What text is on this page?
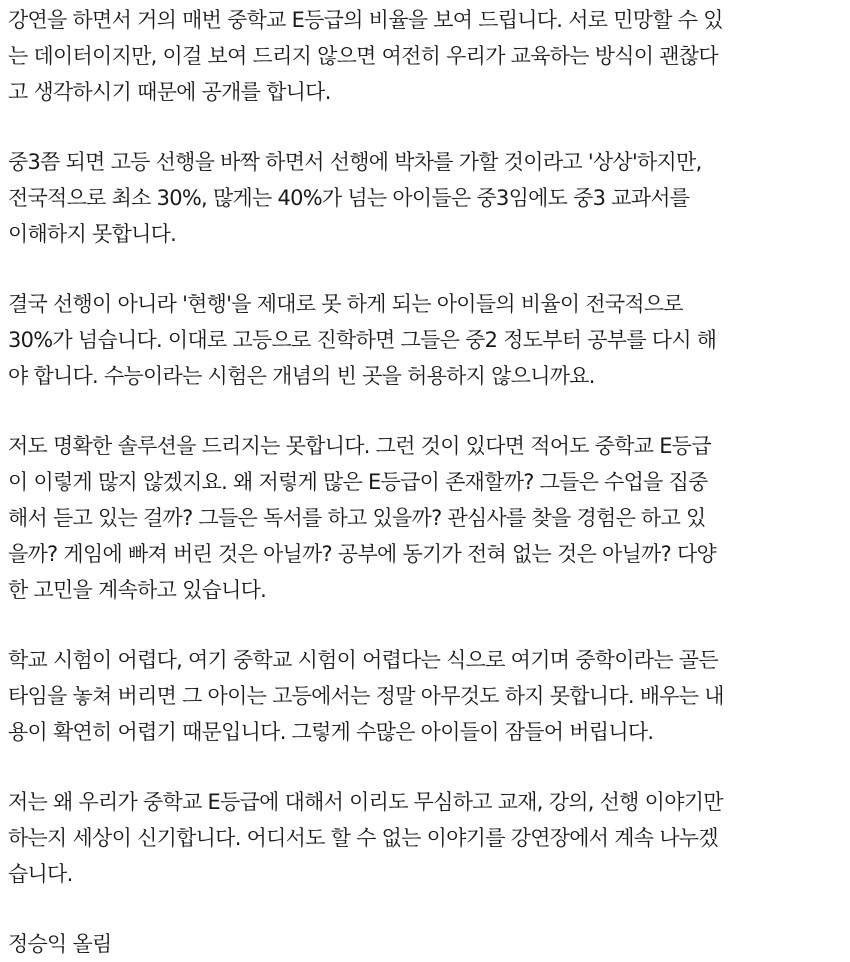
강연을 하면서 거의 매번 중학교 E등급의 비율을 보여 드립니다. 서로 민망할 수 있
는 데이터이지만, 이걸 보여 드리지 않으면 여전히 우리가 교육하는 방식이 괜찮다
고 생각하시기 때문에 공개를 합니다.
중3쯤 되면 고등 선행을 바짝 하면서 선행에 박차를 가할 것이라고 '상상'하지만,
전국적으로 최소 30%, 많게는 40%가 넘는 아이들은 중3임에도 중3 교과서를
이해하지 못합니다.
결국 선행이 아니라 '현행'을 제대로 못 하게 되는 아이들의 비율이 전국적으로
30%가 넘습니다. 이대로 고등으로 진학하면 그들은 중2 정도부터 공부를 다시 해
야 합니다. 수능이라는 시험은 개념의 빈 곳을 허용하지 않으니까요.
저도 명확한 솔루션을 드리지는 못합니다. 그런 것이 있다면 적어도 중학교 E등급
이 이렇게 많지 않겠지요. 왜 저렇게 많은 E등급이 존재할까? 그들은 수업을 집중
해서 듣고 있는 걸까? 그들은 독서를 하고 있을까? 관심사를 찾을 경험은 하고 있
을까? 게임에 빠져 버린 것은 아닐까? 공부에 동기가 전혀 없는 것은 아닐까? 다양
한 고민을 계속하고 있습니다.
학교 시험이 어렵다, 여기 중학교 시험이 어렵다는 식으로 여기며 중학이라는 골든
타임을 놓쳐 버리면 그 아이는 고등에서는 정말 아무것도 하지 못합니다. 배우는 내
용이 확연히 어렵기 때문입니다. 그렇게 수많은 아이들이 잠들어 버립니다.
저는 왜 우리가 중학교 E등급에 대해서 이리도 무심하고 교재, 강의, 선행 이야기만
하는지 세상이 신기합니다. 어디서도 할 수 없는 이야기를 강연장에서 계속 나누겠
습니다.
정승익 올림
